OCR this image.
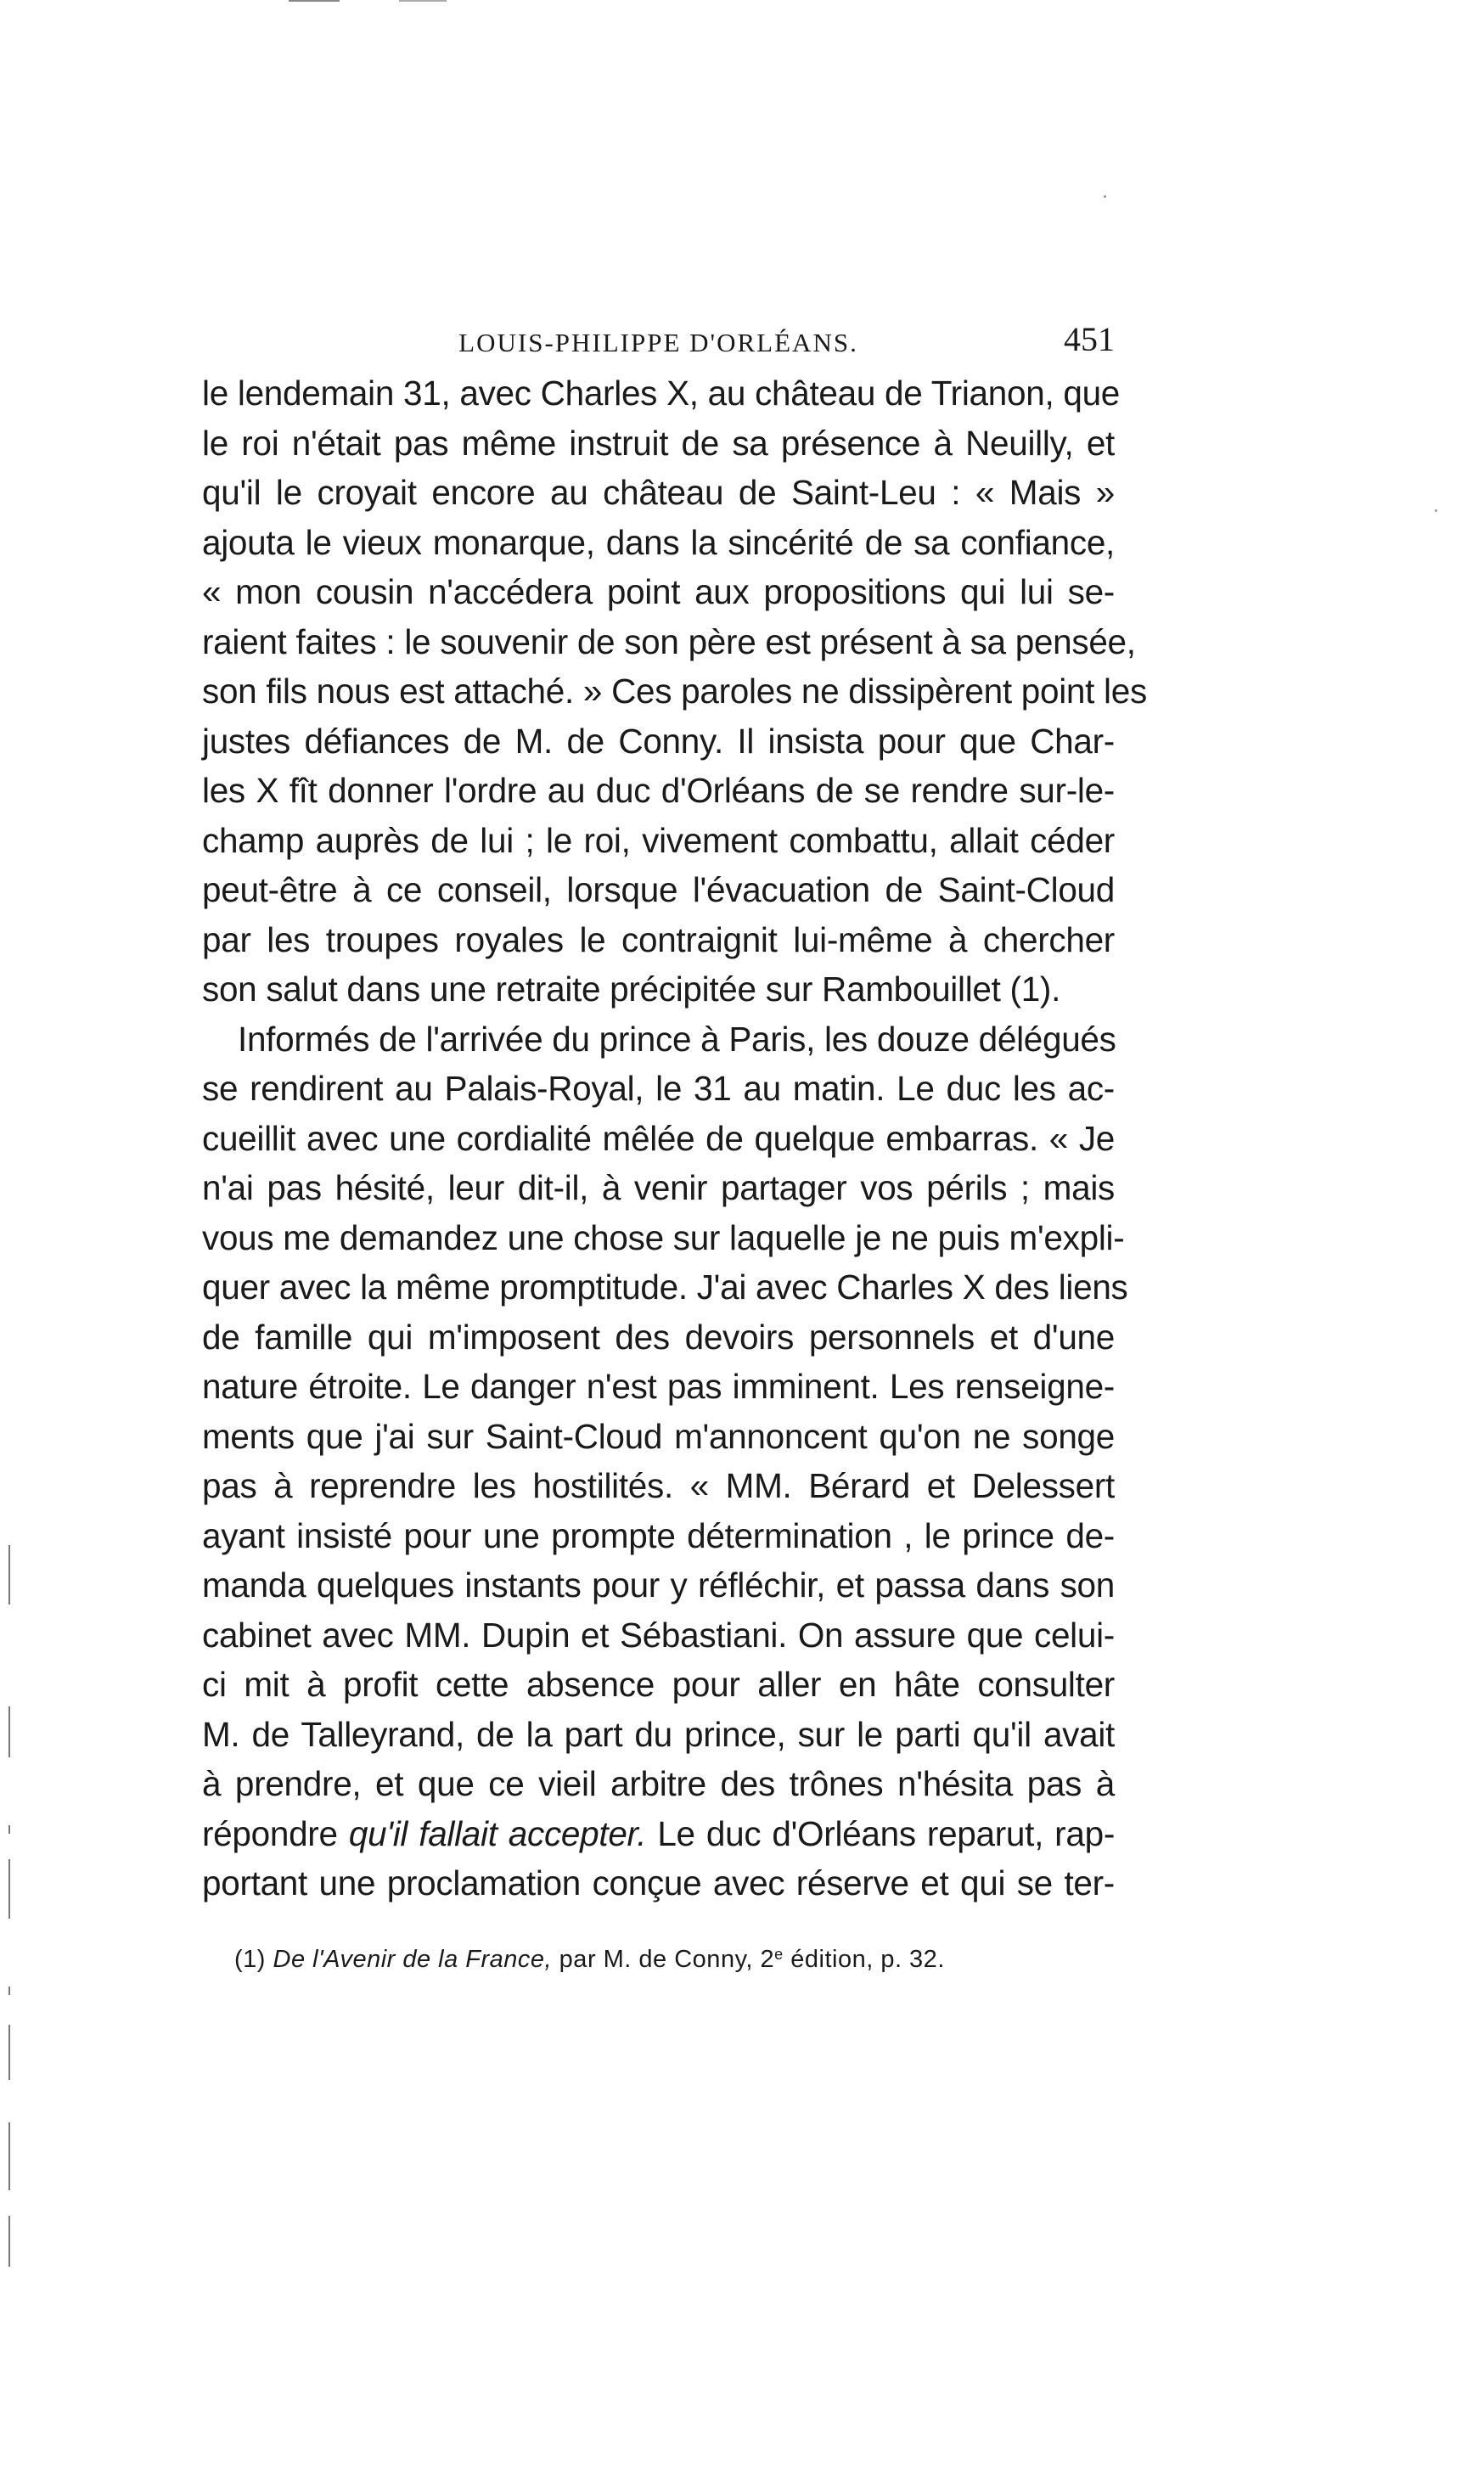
LOUIS-PHILIPPE D'ORLÉANS.	451
le lendemain 31, avec Charles X, au château de Trianon, que
le roi n'était pas même instruit de sa présence à Neuilly, et
qu'il le croyait encore au château de Saint-Leu : « Mais »
ajouta le vieux monarque, dans la sincérité de sa confiance,
« mon cousin n'accédera point aux propositions qui lui se-
raient faites : le souvenir de son père est présent à sa pensée,
son fils nous est attaché. » Ces paroles ne dissipèrent point les
justes défiances de M. de Conny. Il insista pour que Char-
les X fît donner l'ordre au duc d'Orléans de se rendre sur-le-
champ auprès de lui ; le roi, vivement combattu, allait céder
peut-être à ce conseil, lorsque l'évacuation de Saint-Cloud
par les troupes royales le contraignit lui-même à chercher
son salut dans une retraite précipitée sur Rambouillet (1).
Informés de l'arrivée du prince à Paris, les douze délégués
se rendirent au Palais-Royal, le 31 au matin. Le duc les ac-
cueillit avec une cordialité mêlée de quelque embarras. « Je
n'ai pas hésité, leur dit-il, à venir partager vos périls ; mais
vous me demandez une chose sur laquelle je ne puis m'expli-
quer avec la même promptitude. J'ai avec Charles X des liens
de famille qui m'imposent des devoirs personnels et d'une
nature étroite. Le danger n'est pas imminent. Les renseigne-
ments que j'ai sur Saint-Cloud m'annoncent qu'on ne songe
pas à reprendre les hostilités. « MM. Bérard et Delessert
ayant insisté pour une prompte détermination , le prince de-
manda quelques instants pour y réfléchir, et passa dans son
cabinet avec MM. Dupin et Sébastiani. On assure que celui-
ci mit à profit cette absence pour aller en hâte consulter
M. de Talleyrand, de la part du prince, sur le parti qu'il avait
à prendre, et que ce vieil arbitre des trônes n'hésita pas à
répondre qu'il fallait accepter. Le duc d'Orléans reparut, rap-
portant une proclamation conçue avec réserve et qui se ter-
(1) De l'Avenir de la France, par M. de Conny, 2e édition, p. 32.
